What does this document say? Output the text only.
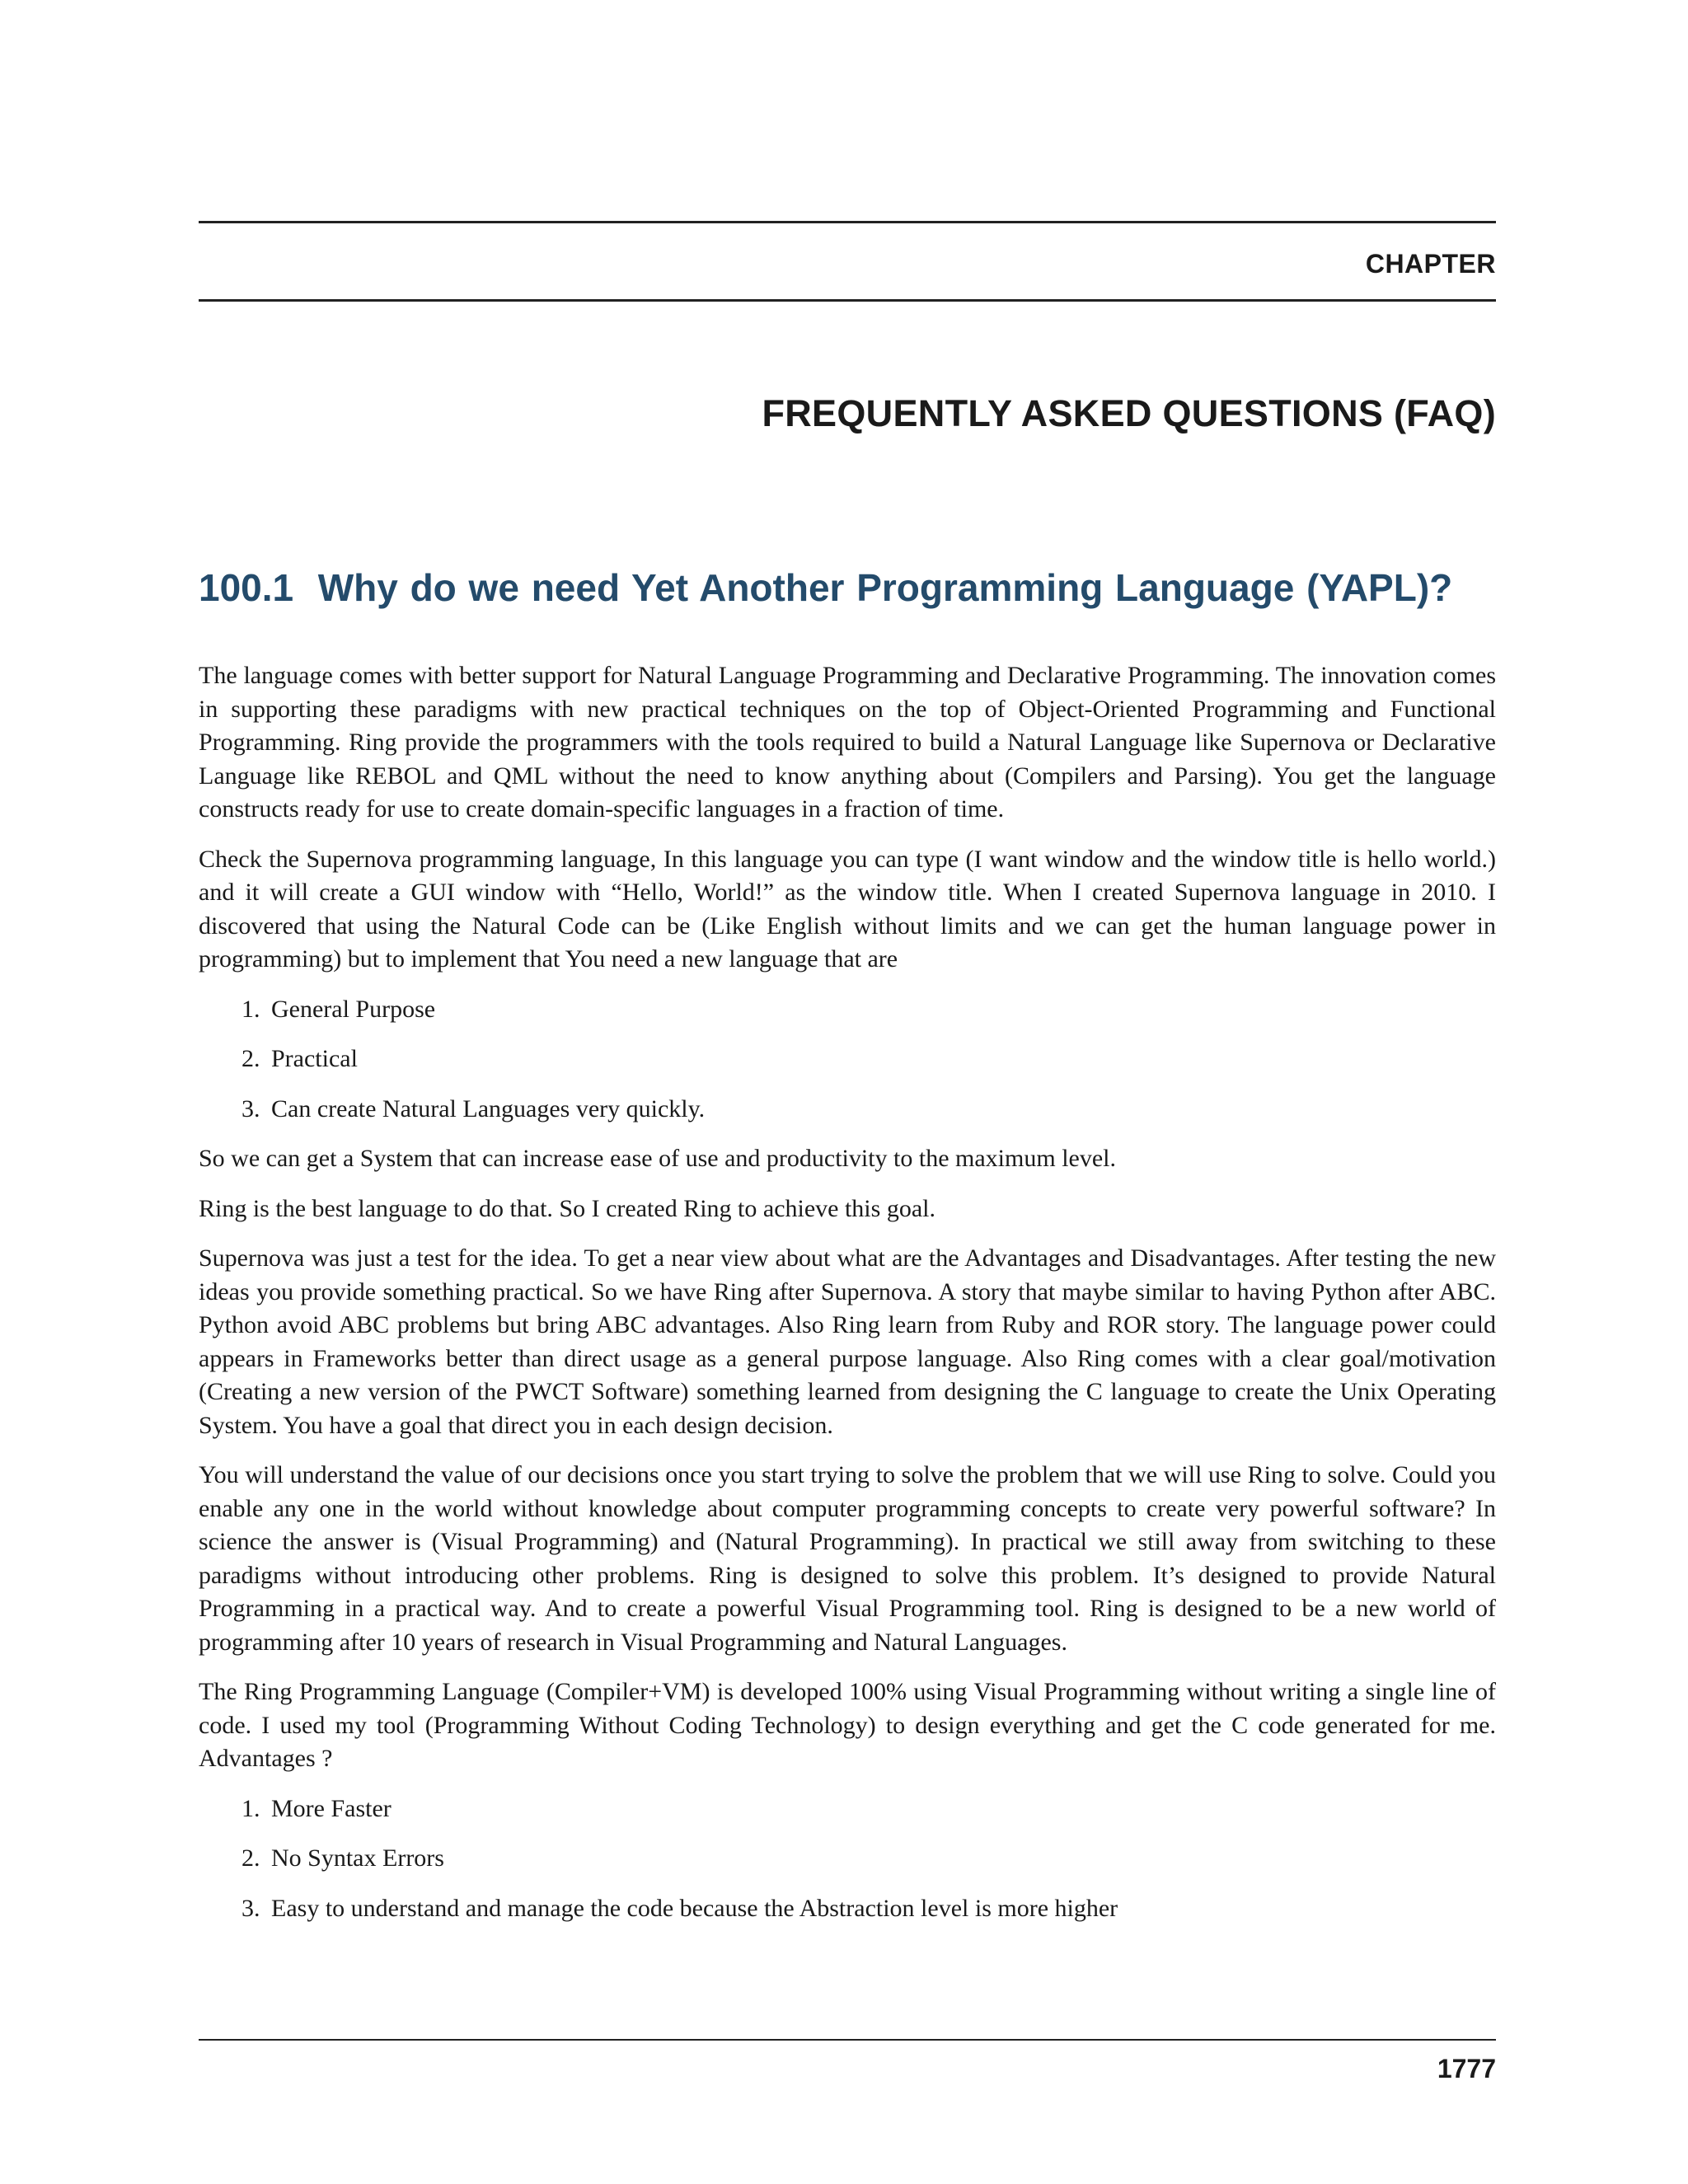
CHAPTER
FREQUENTLY ASKED QUESTIONS (FAQ)
100.1 Why do we need Yet Another Programming Language (YAPL)?

The language comes with better support for Natural Language Programming and Declarative Programming. The innovation comes in supporting these paradigms with new practical techniques on the top of Object-Oriented Programming and Functional Programming. Ring provide the programmers with the tools required to build a Natural Language like Supernova or Declarative Language like REBOL and QML without the need to know anything about (Compilers and Parsing). You get the language constructs ready for use to create domain-specific languages in a fraction of time.

Check the Supernova programming language, In this language you can type (I want window and the window title is hello world.) and it will create a GUI window with “Hello, World!” as the window title. When I created Supernova language in 2010. I discovered that using the Natural Code can be (Like English without limits and we can get the human language power in programming) but to implement that You need a new language that are

1. General Purpose
2. Practical
3. Can create Natural Languages very quickly.

So we can get a System that can increase ease of use and productivity to the maximum level.

Ring is the best language to do that. So I created Ring to achieve this goal.

Supernova was just a test for the idea. To get a near view about what are the Advantages and Disadvantages. After testing the new ideas you provide something practical. So we have Ring after Supernova. A story that maybe similar to having Python after ABC. Python avoid ABC problems but bring ABC advantages. Also Ring learn from Ruby and ROR story. The language power could appears in Frameworks better than direct usage as a general purpose language. Also Ring comes with a clear goal/motivation (Creating a new version of the PWCT Software) something learned from designing the C language to create the Unix Operating System. You have a goal that direct you in each design decision.

You will understand the value of our decisions once you start trying to solve the problem that we will use Ring to solve. Could you enable any one in the world without knowledge about computer programming concepts to create very powerful software? In science the answer is (Visual Programming) and (Natural Programming). In practical we still away from switching to these paradigms without introducing other problems. Ring is designed to solve this problem. It’s designed to provide Natural Programming in a practical way. And to create a powerful Visual Programming tool. Ring is designed to be a new world of programming after 10 years of research in Visual Programming and Natural Languages.

The Ring Programming Language (Compiler+VM) is developed 100% using Visual Programming without writing a single line of code. I used my tool (Programming Without Coding Technology) to design everything and get the C code generated for me. Advantages ?

1. More Faster
2. No Syntax Errors
3. Easy to understand and manage the code because the Abstraction level is more higher
1777
